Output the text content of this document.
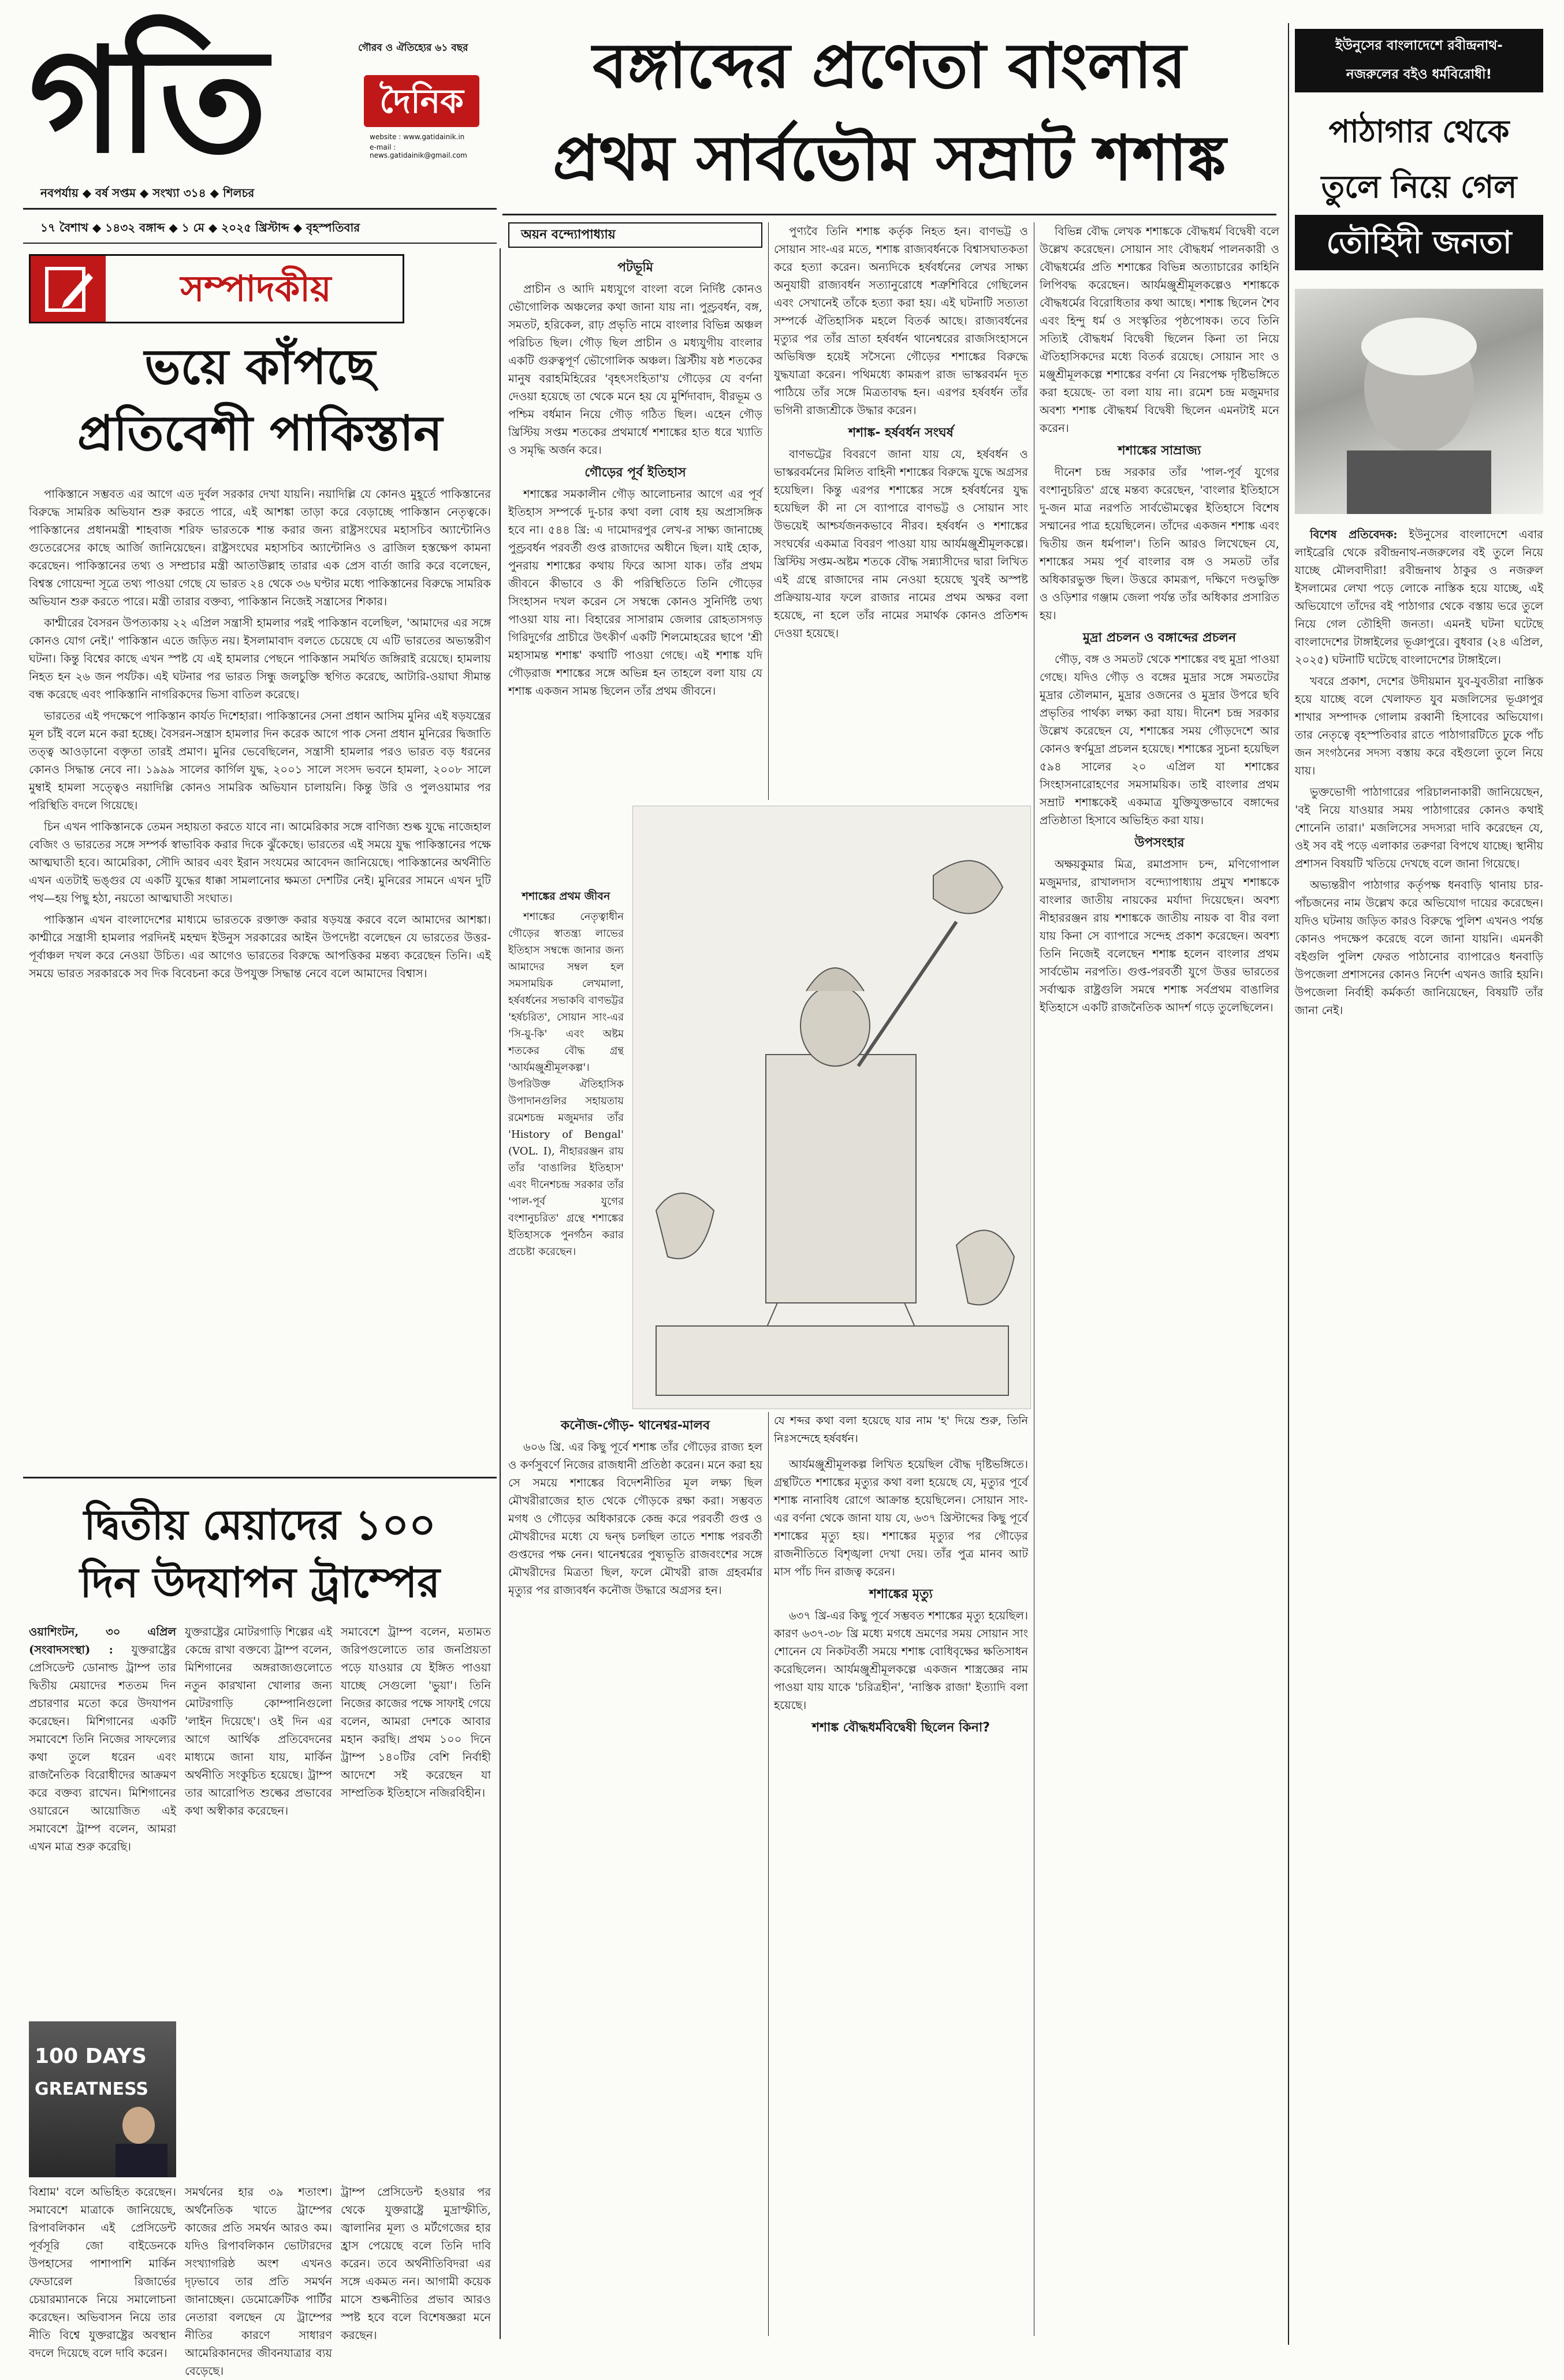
গতি	গৌরব ও ঐতিহ্যের ৬১ বছর
দৈনিক
website : www.gatidainik.in
e-mail : news.gatidainik@gmail.com
নবপর্যায় ◆ বর্ষ সপ্তম ◆ সংখ্যা ৩১৪ ◆ শিলচর
১৭ বৈশাখ ◆ ১৪৩২ বঙ্গাব্দ ◆ ১ মে ◆ ২০২৫ খ্রিস্টাব্দ ◆ বৃহস্পতিবার
বঙ্গাব্দের প্রণেতা বাংলার
প্রথম সার্বভৌম সম্রাট শশাঙ্ক
ইউনুসের বাংলাদেশে রবীন্দ্রনাথ-
নজরুলের বইও ধর্মবিরোধী!
পাঠাগার থেকে
তুলে নিয়ে গেল
তৌহিদী জনতা

বিশেষ প্রতিবেদক: ইউনুসের বাংলাদেশে এবার লাইব্রেরি থেকে রবীন্দ্রনাথ-নজরুলের বই তুলে নিয়ে যাচ্ছে মৌলবাদীরা! রবীন্দ্রনাথ ঠাকুর ও নজরুল ইসলামের লেখা পড়ে লোকে নাস্তিক হয়ে যাচ্ছে, এই অভিযোগে তাঁদের বই পাঠাগার থেকে বস্তায় ভরে তুলে নিয়ে গেল তৌহিদী জনতা। এমনই ঘটনা ঘটেছে বাংলাদেশের টাঙ্গাইলের ভূঞাপুরে। বুধবার (২৪ এপ্রিল, ২০২৫) ঘটনাটি ঘটেছে বাংলাদেশের টাঙ্গাইলে।

খবরে প্রকাশ, দেশের উদীয়মান যুব-যুবতীরা নাস্তিক হয়ে যাচ্ছে বলে খেলাফত যুব মজলিসের ভূঞাপুর শাখার সম্পাদক গোলাম রব্বানী হিসাবের অভিযোগ। তার নেতৃত্বে বৃহস্পতিবার রাতে পাঠাগারটিতে ঢুকে পাঁচ জন সংগঠনের সদস্য বস্তায় করে বইগুলো তুলে নিয়ে যায়।

ভুক্তভোগী পাঠাগারের পরিচালনাকারী জানিয়েছেন, 'বই নিয়ে যাওয়ার সময় পাঠাগারের কোনও কথাই শোনেনি তারা।' মজলিসের সদস্যরা দাবি করেছেন যে, ওই সব বই পড়ে এলাকার তরুণরা বিপথে যাচ্ছে। স্থানীয় প্রশাসন বিষয়টি খতিয়ে দেখছে বলে জানা গিয়েছে।

অভ্যন্তরীণ পাঠাগার কর্তৃপক্ষ ধনবাড়ি থানায় চার-পাঁচজনের নাম উল্লেখ করে অভিযোগ দায়ের করেছেন। যদিও ঘটনায় জড়িত কারও বিরুদ্ধে পুলিশ এখনও পর্যন্ত কোনও পদক্ষেপ করেছে বলে জানা যায়নি। এমনকী বইগুলি পুলিশ ফেরত পাঠানোর ব্যাপারেও ধনবাড়ি উপজেলা প্রশাসনের কোনও নির্দেশ এখনও জারি হয়নি। উপজেলা নির্বাহী কর্মকর্তা জানিয়েছেন, বিষয়টি তাঁর জানা নেই।

সম্পাদকীয়
ভয়ে কাঁপছে
প্রতিবেশী পাকিস্তান

পাকিস্তানে সম্ভবত এর আগে এত দুর্বল সরকার দেখা যায়নি। নয়াদিল্লি যে কোনও মুহূর্তে পাকিস্তানের বিরুদ্ধে সামরিক অভিযান শুরু করতে পারে, এই আশঙ্কা তাড়া করে বেড়াচ্ছে পাকিস্তান নেতৃত্বকে। পাকিস্তানের প্রধানমন্ত্রী শাহবাজ শরিফ ভারতকে শান্ত করার জন্য রাষ্ট্রসংঘের মহাসচিব অ্যান্টোনিও গুতেরেসের কাছে আর্জি জানিয়েছেন। রাষ্ট্রসংঘের মহাসচিব অ্যান্টোনিও ও ব্রাজিল হস্তক্ষেপ কামনা করেছেন। পাকিস্তানের তথ্য ও সম্প্রচার মন্ত্রী আতাউল্লাহ তারার এক প্রেস বার্তা জারি করে বলেছেন, বিশ্বস্ত গোয়েন্দা সূত্রে তথ্য পাওয়া গেছে যে ভারত ২৪ থেকে ৩৬ ঘণ্টার মধ্যে পাকিস্তানের বিরুদ্ধে সামরিক অভিযান শুরু করতে পারে। মন্ত্রী তারার বক্তব্য, পাকিস্তান নিজেই সন্ত্রাসের শিকার।

কাশ্মীরের বৈসরন উপত্যকায় ২২ এপ্রিল সন্ত্রাসী হামলার পরই পাকিস্তান বলেছিল, 'আমাদের এর সঙ্গে কোনও যোগ নেই।' পাকিস্তান এতে জড়িত নয়। ইসলামাবাদ বলতে চেয়েছে যে এটি ভারতের অভ্যন্তরীণ ঘটনা। কিন্তু বিশ্বের কাছে এখন স্পষ্ট যে এই হামলার পেছনে পাকিস্তান সমর্থিত জঙ্গিরাই রয়েছে। হামলায় নিহত হন ২৬ জন পর্যটক। এই ঘটনার পর ভারত সিন্ধু জলচুক্তি স্থগিত করেছে, আটারি-ওয়াঘা সীমান্ত বন্ধ করেছে এবং পাকিস্তানি নাগরিকদের ভিসা বাতিল করেছে।

ভারতের এই পদক্ষেপে পাকিস্তান কার্যত দিশেহারা। পাকিস্তানের সেনা প্রধান আসিম মুনির এই ষড়যন্ত্রের মূল চাঁই বলে মনে করা হচ্ছে। বৈসরন-সন্ত্রাস হামলার দিন করেক আগে পাক সেনা প্রধান মুনিরের দ্বিজাতি তত্ত্ব আওড়ানো বক্তৃতা তারই প্রমাণ। মুনির ভেবেছিলেন, সন্ত্রাসী হামলার পরও ভারত বড় ধরনের কোনও সিদ্ধান্ত নেবে না। ১৯৯৯ সালের কার্গিল যুদ্ধ, ২০০১ সালে সংসদ ভবনে হামলা, ২০০৮ সালে মুম্বাই হামলা সত্ত্বেও নয়াদিল্লি কোনও সামরিক অভিযান চালায়নি। কিন্তু উরি ও পুলওয়ামার পর পরিস্থিতি বদলে গিয়েছে।

চিন এখন পাকিস্তানকে তেমন সহায়তা করতে যাবে না। আমেরিকার সঙ্গে বাণিজ্য শুল্ক যুদ্ধে নাজেহাল বেজিং ও ভারতের সঙ্গে সম্পর্ক স্বাভাবিক করার দিকে ঝুঁকেছে। ভারতের এই সময়ে যুদ্ধ পাকিস্তানের পক্ষে আত্মঘাতী হবে। আমেরিকা, সৌদি আরব এবং ইরান সংযমের আবেদন জানিয়েছে। পাকিস্তানের অর্থনীতি এখন এতটাই ভঙ্গুর যে একটি যুদ্ধের ধাক্কা সামলানোর ক্ষমতা দেশটির নেই। মুনিরের সামনে এখন দুটি পথ—হয় পিছু হঠা, নয়তো আত্মঘাতী সংঘাত।

পাকিস্তান এখন বাংলাদেশের মাধ্যমে ভারতকে রক্তাক্ত করার ষড়যন্ত্র করবে বলে আমাদের আশঙ্কা। কাশ্মীরে সন্ত্রাসী হামলার পরদিনই মহম্মদ ইউনুস সরকারের আইন উপদেষ্টা বলেছেন যে ভারতের উত্তর-পূর্বাঞ্চল দখল করে নেওয়া উচিত। এর আগেও ভারতের বিরুদ্ধে আপত্তিকর মন্তব্য করেছেন তিনি। এই সময়ে ভারত সরকারকে সব দিক বিবেচনা করে উপযুক্ত সিদ্ধান্ত নেবে বলে আমাদের বিশ্বাস।

দ্বিতীয় মেয়াদের ১০০
দিন উদযাপন ট্রাম্পের

ওয়াশিংটন, ৩০ এপ্রিল (সংবাদসংস্থা) : যুক্তরাষ্ট্রের প্রেসিডেন্ট ডোনাল্ড ট্রাম্প তার দ্বিতীয় মেয়াদের শততম দিন প্রচারণার মতো করে উদযাপন করেছেন। মিশিগানের একটি সমাবেশে তিনি নিজের সাফল্যের কথা তুলে ধরেন এবং রাজনৈতিক বিরোধীদের আক্রমণ করে বক্তব্য রাখেন। মিশিগানের ওয়ারেনে আয়োজিত এই সমাবেশে ট্রাম্প বলেন, আমরা এখন মাত্র শুরু করেছি।

100 DAYS
GREATNESS
যুক্তরাষ্ট্রের মোটরগাড়ি শিল্পের এই কেন্দ্রে রাখা বক্তব্যে ট্রাম্প বলেন, মিশিগানের অঙ্গরাজ্যগুলোতে নতুন কারখানা খোলার জন্য মোটরগাড়ি কোম্পানিগুলো 'লাইন দিয়েছে'। ওই দিন এর আগে আর্থিক প্রতিবেদনের মাধ্যমে জানা যায়, মার্কিন অর্থনীতি সংকুচিত হয়েছে। ট্রাম্প তার আরোপিত শুল্কের প্রভাবের কথা অস্বীকার করেছেন।
সমাবেশে ট্রাম্প বলেন, মতামত জরিপগুলোতে তার জনপ্রিয়তা পড়ে যাওয়ার যে ইঙ্গিত পাওয়া যাচ্ছে সেগুলো 'ভুয়া'। তিনি নিজের কাজের পক্ষে সাফাই গেয়ে বলেন, আমরা দেশকে আবার মহান করছি। প্রথম ১০০ দিনে ট্রাম্প ১৪০টির বেশি নির্বাহী আদেশে সই করেছেন যা সাম্প্রতিক ইতিহাসে নজিরবিহীন।
বিশ্রাম' বলে অভিহিত করেছেন। সমাবেশে মাত্রাকে জানিয়েছে, রিপাবলিকান এই প্রেসিডেন্ট পূর্বসূরি জো বাইডেনকে উপহাসের পাশাপাশি মার্কিন ফেডারেল রিজার্ভের চেয়ারম্যানকে নিয়ে সমালোচনা করেছেন। অভিবাসন নিয়ে তার নীতি বিশ্বে যুক্তরাষ্ট্রের অবস্থান বদলে দিয়েছে বলে দাবি করেন।
সমর্থনের হার ৩৯ শতাংশ। অর্থনৈতিক খাতে ট্রাম্পের কাজের প্রতি সমর্থন আরও কম। যদিও রিপাবলিকান ভোটারদের সংখ্যাগরিষ্ঠ অংশ এখনও দৃঢ়ভাবে তার প্রতি সমর্থন জানাচ্ছেন। ডেমোক্রেটিক পার্টির নেতারা বলছেন যে ট্রাম্পের নীতির কারণে সাধারণ আমেরিকানদের জীবনযাত্রার ব্যয় বেড়েছে।
ট্রাম্প প্রেসিডেন্ট হওয়ার পর থেকে যুক্তরাষ্ট্রে মুদ্রাস্ফীতি, জ্বালানির মূল্য ও মর্টগেজের হার হ্রাস পেয়েছে বলে তিনি দাবি করেন। তবে অর্থনীতিবিদরা এর সঙ্গে একমত নন। আগামী কয়েক মাসে শুল্কনীতির প্রভাব আরও স্পষ্ট হবে বলে বিশেষজ্ঞরা মনে করছেন।
অয়ন বন্দ্যোপাধ্যায়
পটভূমি

প্রাচীন ও আদি মধ্যযুগে বাংলা বলে নির্দিষ্ট কোনও ভৌগোলিক অঞ্চলের কথা জানা যায় না। পুণ্ড্রবর্ধন, বঙ্গ, সমতট, হরিকেল, রাঢ় প্রভৃতি নামে বাংলার বিভিন্ন অঞ্চল পরিচিত ছিল। গৌড় ছিল প্রাচীন ও মধ্যযুগীয় বাংলার একটি গুরুত্বপূর্ণ ভৌগোলিক অঞ্চল। খ্রিস্টীয় ষষ্ঠ শতকের মানুষ বরাহমিহিরের 'বৃহৎসংহিতা'য় গৌড়ের যে বর্ণনা দেওয়া হয়েছে তা থেকে মনে হয় যে মুর্শিদাবাদ, বীরভূম ও পশ্চিম বর্ধমান নিয়ে গৌড় গঠিত ছিল। এহেন গৌড় খ্রিস্টিয় সপ্তম শতকের প্রথমার্ধে শশাঙ্কের হাত ধরে খ্যাতি ও সমৃদ্ধি অর্জন করে।

গৌড়ের পূর্ব ইতিহাস

শশাঙ্কের সমকালীন গৌড় আলোচনার আগে এর পূর্ব ইতিহাস সম্পর্কে দু-চার কথা বলা বোধ হয় অপ্রাসঙ্গিক হবে না। ৫৪৪ খ্রি: এ দামোদরপুর লেখ-র সাক্ষ্য জানাচ্ছে পুণ্ড্রবর্ধন পরবর্তী গুপ্ত রাজাদের অধীনে ছিল। যাই হোক, পুনরায় শশাঙ্কের কথায় ফিরে আসা যাক। তাঁর প্রথম জীবনে কীভাবে ও কী পরিস্থিতিতে তিনি গৌড়ের সিংহাসন দখল করেন সে সম্বন্ধে কোনও সুনির্দিষ্ট তথ্য পাওয়া যায় না। বিহারের সাসারাম জেলার রোহতাসগড় গিরিদুর্গের প্রাচীরে উৎকীর্ণ একটি শিলমোহরের ছাপে 'শ্রী মহাসামন্ত শশাঙ্ক' কথাটি পাওয়া গেছে। এই শশাঙ্ক যদি গৌড়রাজ শশাঙ্কের সঙ্গে অভিন্ন হন তাহলে বলা যায় যে শশাঙ্ক একজন সামন্ত ছিলেন তাঁর প্রথম জীবনে।

পুণ্যবৈ তিনি শশাঙ্ক কর্তৃক নিহত হন। বাণভট্ট ও সোয়ান সাং-এর মতে, শশাঙ্ক রাজ্যবর্ধনকে বিশ্বাসঘাতকতা করে হত্যা করেন। অন্যদিকে হর্ষবর্ধনের লেখর সাক্ষ্য অনুযায়ী রাজ্যবর্ধন সত্যানুরোধে শত্রুশিবিরে গেছিলেন এবং সেখানেই তাঁকে হত্যা করা হয়। এই ঘটনাটি সত্যতা সম্পর্কে ঐতিহাসিক মহলে বিতর্ক আছে। রাজ্যবর্ধনের মৃত্যুর পর তাঁর ভ্রাতা হর্ষবর্ধন থানেশ্বরের রাজসিংহাসনে অভিষিক্ত হয়েই সসৈন্যে গৌড়ের শশাঙ্কের বিরুদ্ধে যুদ্ধযাত্রা করেন। পথিমধ্যে কামরূপ রাজ ভাস্করবর্মন দূত পাঠিয়ে তাঁর সঙ্গে মিত্রতাবদ্ধ হন। এরপর হর্ষবর্ধন তাঁর ভগিনী রাজ্যশ্রীকে উদ্ধার করেন।

শশাঙ্ক- হর্ষবর্ধন সংঘর্ষ

বাণভট্টের বিবরণে জানা যায় যে, হর্ষবর্ধন ও ভাস্করবর্মনের মিলিত বাহিনী শশাঙ্কের বিরুদ্ধে যুদ্ধে অগ্রসর হয়েছিল। কিন্তু এরপর শশাঙ্কের সঙ্গে হর্ষবর্ধনের যুদ্ধ হয়েছিল কী না সে ব্যাপারে বাণভট্ট ও সোয়ান সাং উভয়েই আশ্চর্যজনকভাবে নীরব। হর্ষবর্ধন ও শশাঙ্কের সংঘর্ষের একমাত্র বিবরণ পাওয়া যায় আর্যমঞ্জুশ্রীমূলকল্পে। খ্রিস্টিয় সপ্তম-অষ্টম শতকে বৌদ্ধ সন্ন্যাসীদের দ্বারা লিখিত এই গ্রন্থে রাজাদের নাম নেওয়া হয়েছে খুবই অস্পষ্ট প্রক্রিয়ায়-যার ফলে রাজার নামের প্রথম অক্ষর বলা হয়েছে, না হলে তাঁর নামের সমার্থক কোনও প্রতিশব্দ দেওয়া হয়েছে।

বিভিন্ন বৌদ্ধ লেখক শশাঙ্ককে বৌদ্ধধর্ম বিদ্বেষী বলে উল্লেখ করেছেন। সোয়ান সাং বৌদ্ধধর্ম পালনকারী ও বৌদ্ধধর্মের প্রতি শশাঙ্কের বিভিন্ন অত্যাচারের কাহিনি লিপিবদ্ধ করেছেন। আর্যমঞ্জুশ্রীমূলকল্পেও শশাঙ্ককে বৌদ্ধধর্মের বিরোধিতার কথা আছে। শশাঙ্ক ছিলেন শৈব এবং হিন্দু ধর্ম ও সংস্কৃতির পৃষ্ঠপোষক। তবে তিনি সত্যিই বৌদ্ধধর্ম বিদ্বেষী ছিলেন কিনা তা নিয়ে ঐতিহাসিকদের মধ্যে বিতর্ক রয়েছে। সোয়ান সাং ও মঞ্জুশ্রীমূলকল্পে শশাঙ্কের বর্ণনা যে নিরপেক্ষ দৃষ্টিভঙ্গিতে করা হয়েছে- তা বলা যায় না। রমেশ চন্দ্র মজুমদার অবশ্য শশাঙ্ক বৌদ্ধধর্ম বিদ্বেষী ছিলেন এমনটাই মনে করেন।

শশাঙ্কের সাম্রাজ্য

দীনেশ চন্দ্র সরকার তাঁর 'পাল-পূর্ব যুগের বংশানুচরিত' গ্রন্থে মন্তব্য করেছেন, 'বাংলার ইতিহাসে দু-জন মাত্র নরপতি সার্বভৌমত্বের ইতিহাসে বিশেষ সম্মানের পাত্র হয়েছিলেন। তাঁদের একজন শশাঙ্ক এবং দ্বিতীয় জন ধর্মপাল'। তিনি আরও লিখেছেন যে, শশাঙ্কের সময় পূর্ব বাংলার বঙ্গ ও সমতট তাঁর অধিকারভুক্ত ছিল। উত্তরে কামরূপ, দক্ষিণে দণ্ডভুক্তি ও ওড়িশার গঞ্জাম জেলা পর্যন্ত তাঁর অধিকার প্রসারিত হয়।

মুদ্রা প্রচলন ও বঙ্গাব্দের প্রচলন

গৌড়, বঙ্গ ও সমতট থেকে শশাঙ্কের বহু মুদ্রা পাওয়া গেছে। যদিও গৌড় ও বঙ্গের মুদ্রার সঙ্গে সমতটের মুদ্রার তৌলমান, মুদ্রার ওজনের ও মুদ্রার উপরে ছবি প্রভৃতির পার্থক্য লক্ষ্য করা যায়। দীনেশ চন্দ্র সরকার উল্লেখ করেছেন যে, শশাঙ্কের সময় গৌড়দেশে আর কোনও স্বর্ণমুদ্রা প্রচলন হয়েছে। শশাঙ্কের সুচনা হয়েছিল ৫৯৪ সালের ২০ এপ্রিল যা শশাঙ্কের সিংহাসনারোহণের সমসাময়িক। তাই বাংলার প্রথম সম্রাট শশাঙ্ককেই একমাত্র যুক্তিযুক্তভাবে বঙ্গাব্দের প্রতিষ্ঠাতা হিসাবে অভিহিত করা যায়।

উপসংহার

অক্ষয়কুমার মিত্র, রমাপ্রসাদ চন্দ, মণিগোপাল মজুমদার, রাখালদাস বন্দ্যোপাধ্যায় প্রমুখ শশাঙ্ককে বাংলার জাতীয় নায়কের মর্যাদা দিয়েছেন। অবশ্য নীহাররঞ্জন রায় শশাঙ্ককে জাতীয় নায়ক বা বীর বলা যায় কিনা সে ব্যাপারে সন্দেহ প্রকাশ করেছেন। অবশ্য তিনি নিজেই বলেছেন শশাঙ্ক হলেন বাংলার প্রথম সার্বভৌম নরপতি। গুপ্ত-পরবর্তী যুগে উত্তর ভারতের সর্বাত্মক রাষ্ট্রগুলি সমন্বে শশাঙ্ক সর্বপ্রথম বাঙালির ইতিহাসে একটি রাজনৈতিক আদর্শ গড়ে তুলেছিলেন।

শশাঙ্কের প্রথম জীবন

শশাঙ্কের নেতৃত্বাধীন গৌড়ের স্বাতন্ত্র্য লাভের ইতিহাস সম্বন্ধে জানার জন্য আমাদের সম্বল হল সমসাময়িক লেখমালা, হর্ষবর্ধনের সভাকবি বাণভট্টর 'হর্ষচরিত', সোয়ান সাং-এর 'সি-য়ু-কি' এবং অষ্টম শতকের বৌদ্ধ গ্রন্থ 'আর্যমঞ্জুশ্রীমূলকল্প'। উপরিউক্ত ঐতিহাসিক উপাদানগুলির সহায়তায় রমেশচন্দ্র মজুমদার তাঁর 'History of Bengal' (VOL. I), নীহাররঞ্জন রায় তাঁর 'বাঙালির ইতিহাস' এবং দীনেশচন্দ্র সরকার তাঁর 'পাল-পূর্ব যুগের বংশানুচরিত' গ্রন্থে শশাঙ্কের ইতিহাসকে পুনর্গঠন করার প্রচেষ্টা করেছেন।

যে শব্দর কথা বলা হয়েছে যার নাম 'হ' দিয়ে শুরু, তিনি নিঃসন্দেহে হর্ষবর্ধন।
কনৌজ-গৌড়- থানেশ্বর-মালব

৬০৬ খ্রি. এর কিছু পূর্বে শশাঙ্ক তাঁর গৌড়ের রাজ্য হল ও কর্ণসুবর্ণে নিজের রাজধানী প্রতিষ্ঠা করেন। মনে করা হয় সে সময়ে শশাঙ্কের বিদেশনীতির মূল লক্ষ্য ছিল মৌখরীরাজের হাত থেকে গৌড়কে রক্ষা করা। সম্ভবত মগধ ও গৌড়ের অধিকারকে কেন্দ্র করে পরবর্তী গুপ্ত ও মৌখরীদের মধ্যে যে দ্বন্দ্ব চলছিল তাতে শশাঙ্ক পরবর্তী গুপ্তদের পক্ষ নেন। থানেশ্বরের পুষ্যভূতি রাজবংশের সঙ্গে মৌখরীদের মিত্রতা ছিল, ফলে মৌখরী রাজ গ্রহবর্মার মৃত্যুর পর রাজ্যবর্ধন কনৌজ উদ্ধারে অগ্রসর হন।

আর্যমঞ্জুশ্রীমূলকল্প লিখিত হয়েছিল বৌদ্ধ দৃষ্টিভঙ্গিতে। গ্রন্থটিতে শশাঙ্কের মৃত্যুর কথা বলা হয়েছে যে, মৃত্যুর পূর্বে শশাঙ্ক নানাবিধ রোগে আক্রান্ত হয়েছিলেন। সোয়ান সাং-এর বর্ণনা থেকে জানা যায় যে, ৬৩৭ খ্রিস্টাব্দের কিছু পূর্বে শশাঙ্কের মৃত্যু হয়। শশাঙ্কের মৃত্যুর পর গৌড়ের রাজনীতিতে বিশৃঙ্খলা দেখা দেয়। তাঁর পুত্র মানব আট মাস পাঁচ দিন রাজত্ব করেন।

শশাঙ্কের মৃত্যু

৬৩৭ খ্রি-এর কিছু পূর্বে সম্ভবত শশাঙ্কের মৃত্যু হয়েছিল। কারণ ৬৩৭-৩৮ খ্রি মধ্যে মগধে ভ্রমণের সময় সোয়ান সাং শোনেন যে নিকটবর্তী সময়ে শশাঙ্ক বোধিবৃক্ষের ক্ষতিসাধন করেছিলেন। আর্যমঞ্জুশ্রীমূলকল্পে একজন শাস্ত্রজ্ঞের নাম পাওয়া যায় যাকে 'চরিত্রহীন', 'নাস্তিক রাজা' ইত্যাদি বলা হয়েছে।

শশাঙ্ক বৌদ্ধধর্মবিদ্বেষী ছিলেন কিনা?
